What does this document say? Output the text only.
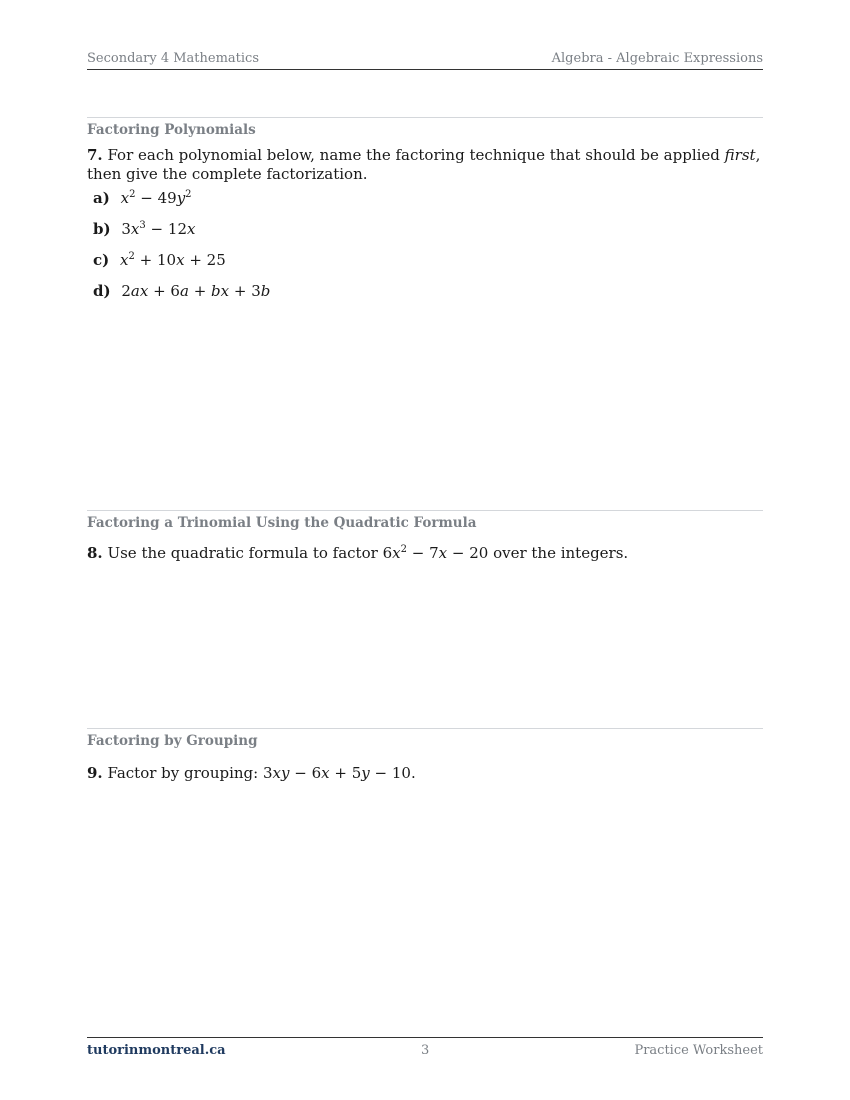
Secondary 4 Mathematics	Algebra - Algebraic Expressions
Factoring Polynomials
7. For each polynomial below, name the factoring technique that should be applied first, then give the complete factorization.
a) $x^2 - 49y^2$
b) $3x^3 - 12x$
c) $x^2 + 10x + 25$
d) 2ax + 6a + bx + 3b
Factoring a Trinomial Using the Quadratic Formula
8. Use the quadratic formula to factor $6x^2 - 7x - 20$ over the integers.
Factoring by Grouping
9. Factor by grouping: 3xy − 6x + 5y − 10.
tutorinmontreal.ca	3	Practice Worksheet
